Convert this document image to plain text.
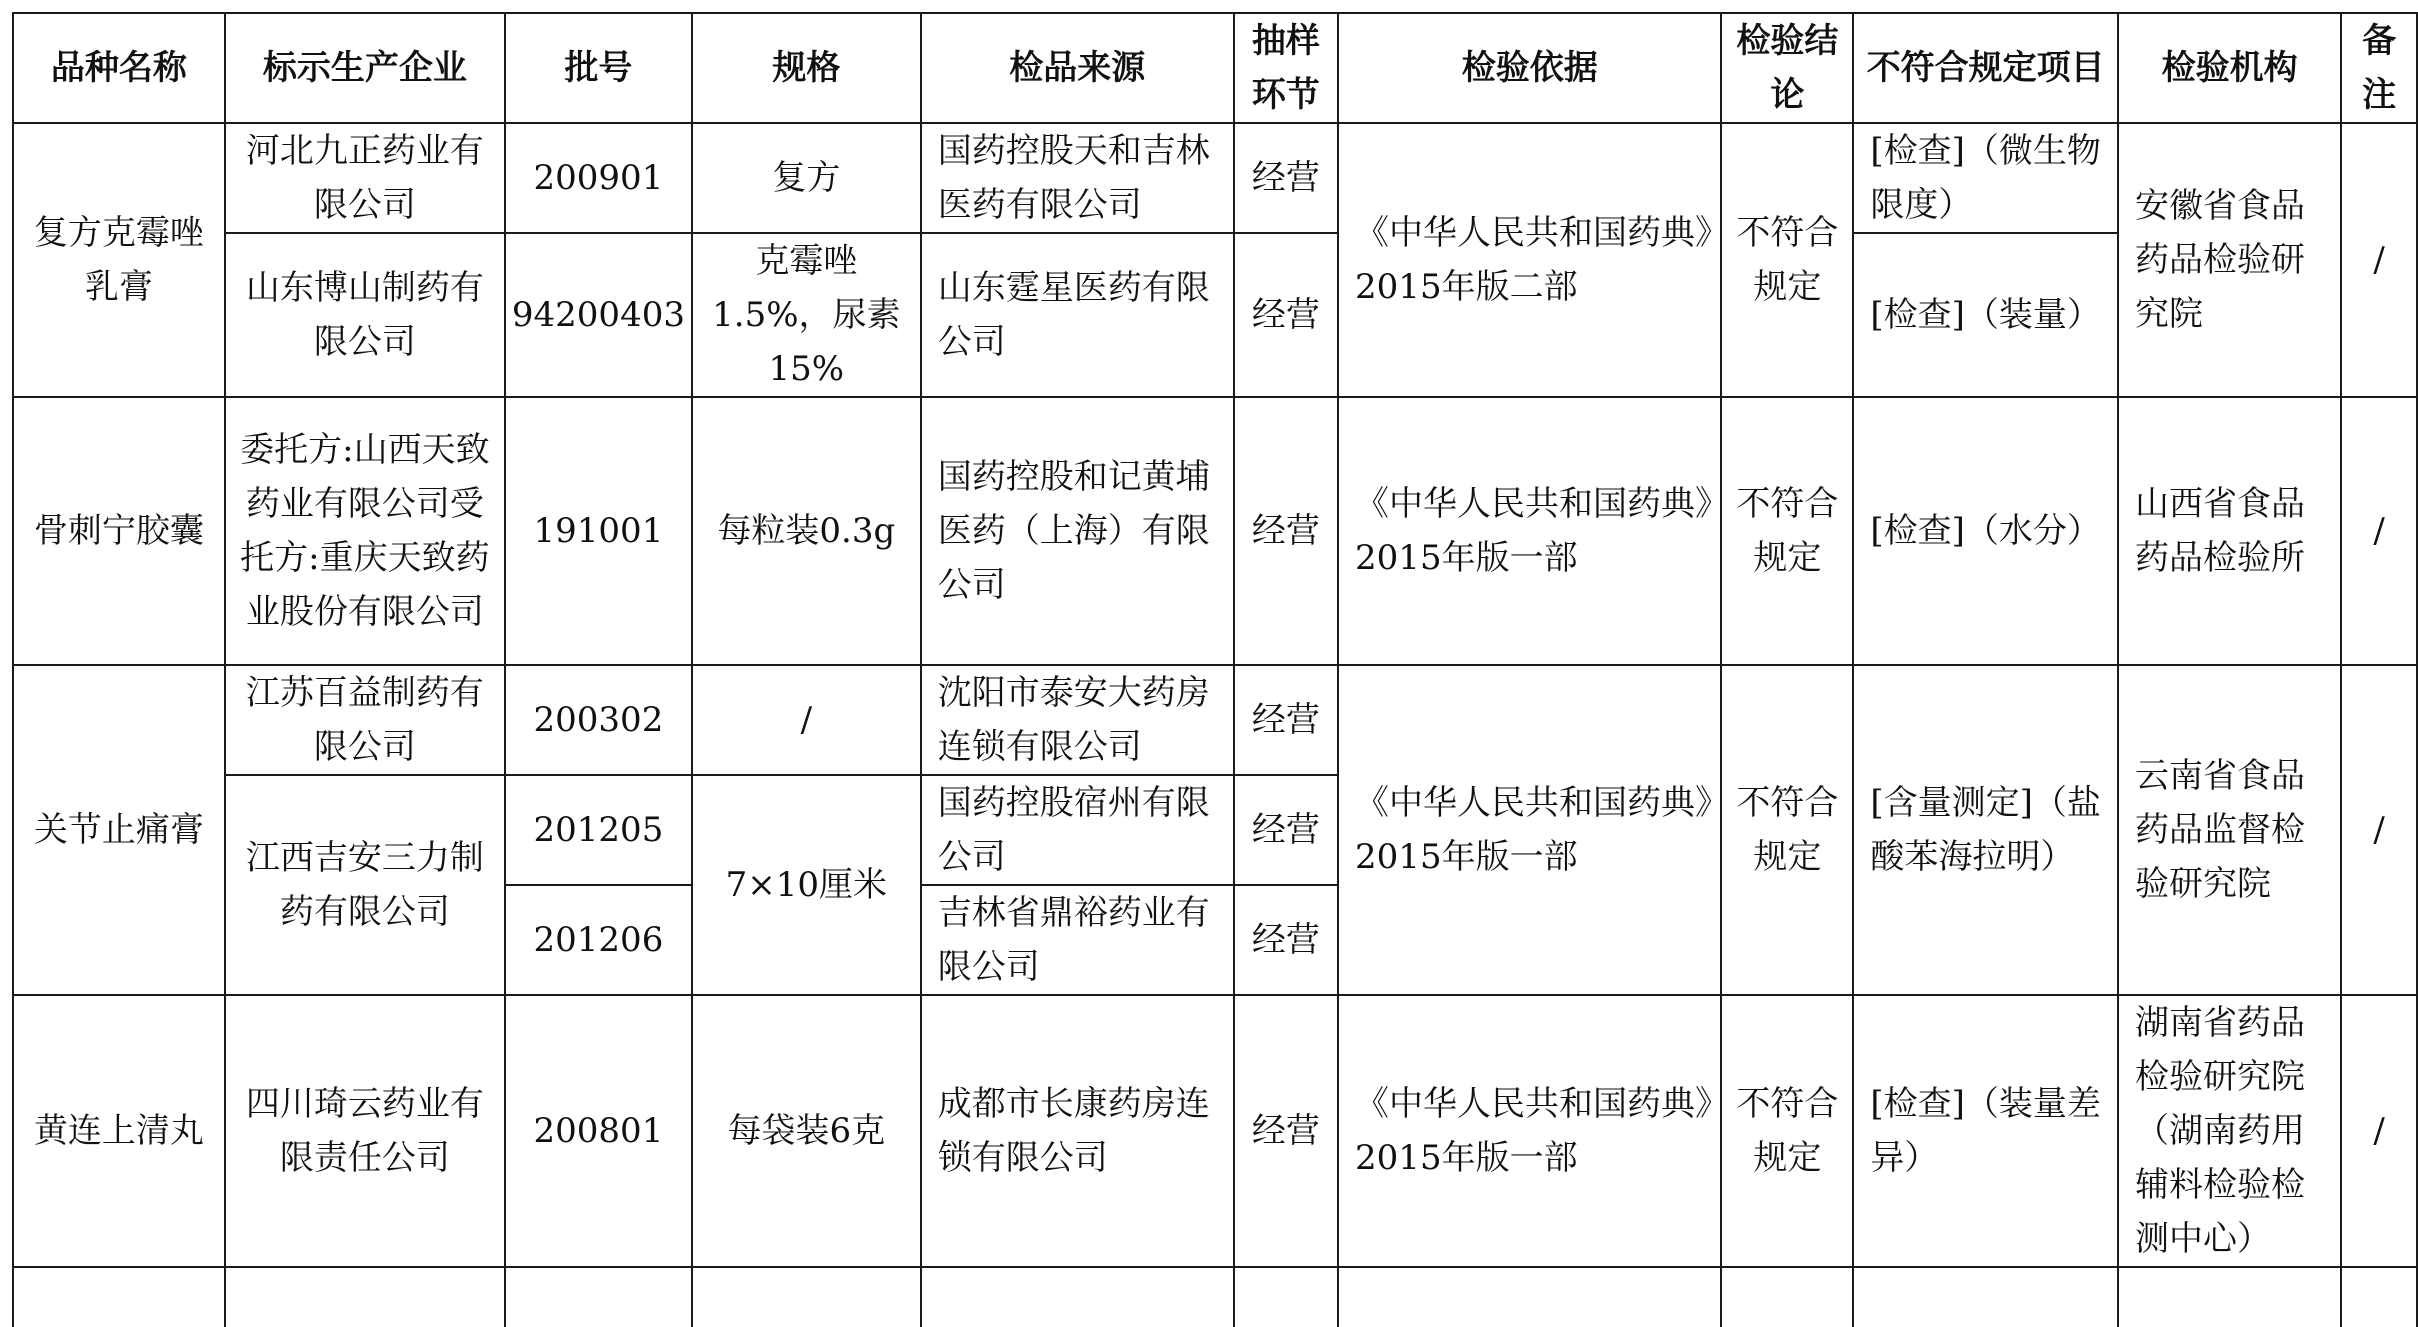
品种名称	标示生产企业	批号	规格	检品来源	抽样环节	检验依据	检验结论	不符合规定项目	检验机构	备注
复方克霉唑乳膏	河北九正药业有限公司	200901	复方	国药控股天和吉林医药有限公司	经营	《中华人民共和国药典》2015年版二部	不符合规定	[检查]（微生物限度）	安徽省食品药品检验研究院	/
	山东博山制药有限公司	94200403	克霉唑1.5%，尿素15%	山东霆星医药有限公司	经营			[检查]（装量）		
骨刺宁胶囊	委托方:山西天致药业有限公司受托方:重庆天致药业股份有限公司	191001	每粒装0.3g	国药控股和记黄埔医药（上海）有限公司	经营	《中华人民共和国药典》2015年版一部	不符合规定	[检查]（水分）	山西省食品药品检验所	/
关节止痛膏	江苏百益制药有限公司	200302	/	沈阳市泰安大药房连锁有限公司	经营	《中华人民共和国药典》2015年版一部	不符合规定	[含量测定]（盐酸苯海拉明）	云南省食品药品监督检验研究院	/
	江西吉安三力制药有限公司	201205	7×10厘米	国药控股宿州有限公司	经营					
		201206		吉林省鼎裕药业有限公司	经营					
黄连上清丸	四川琦云药业有限责任公司	200801	每袋装6克	成都市长康药房连锁有限公司	经营	《中华人民共和国药典》2015年版一部	不符合规定	[检查]（装量差异）	湖南省药品检验研究院（湖南药用辅料检验检测中心）	/
